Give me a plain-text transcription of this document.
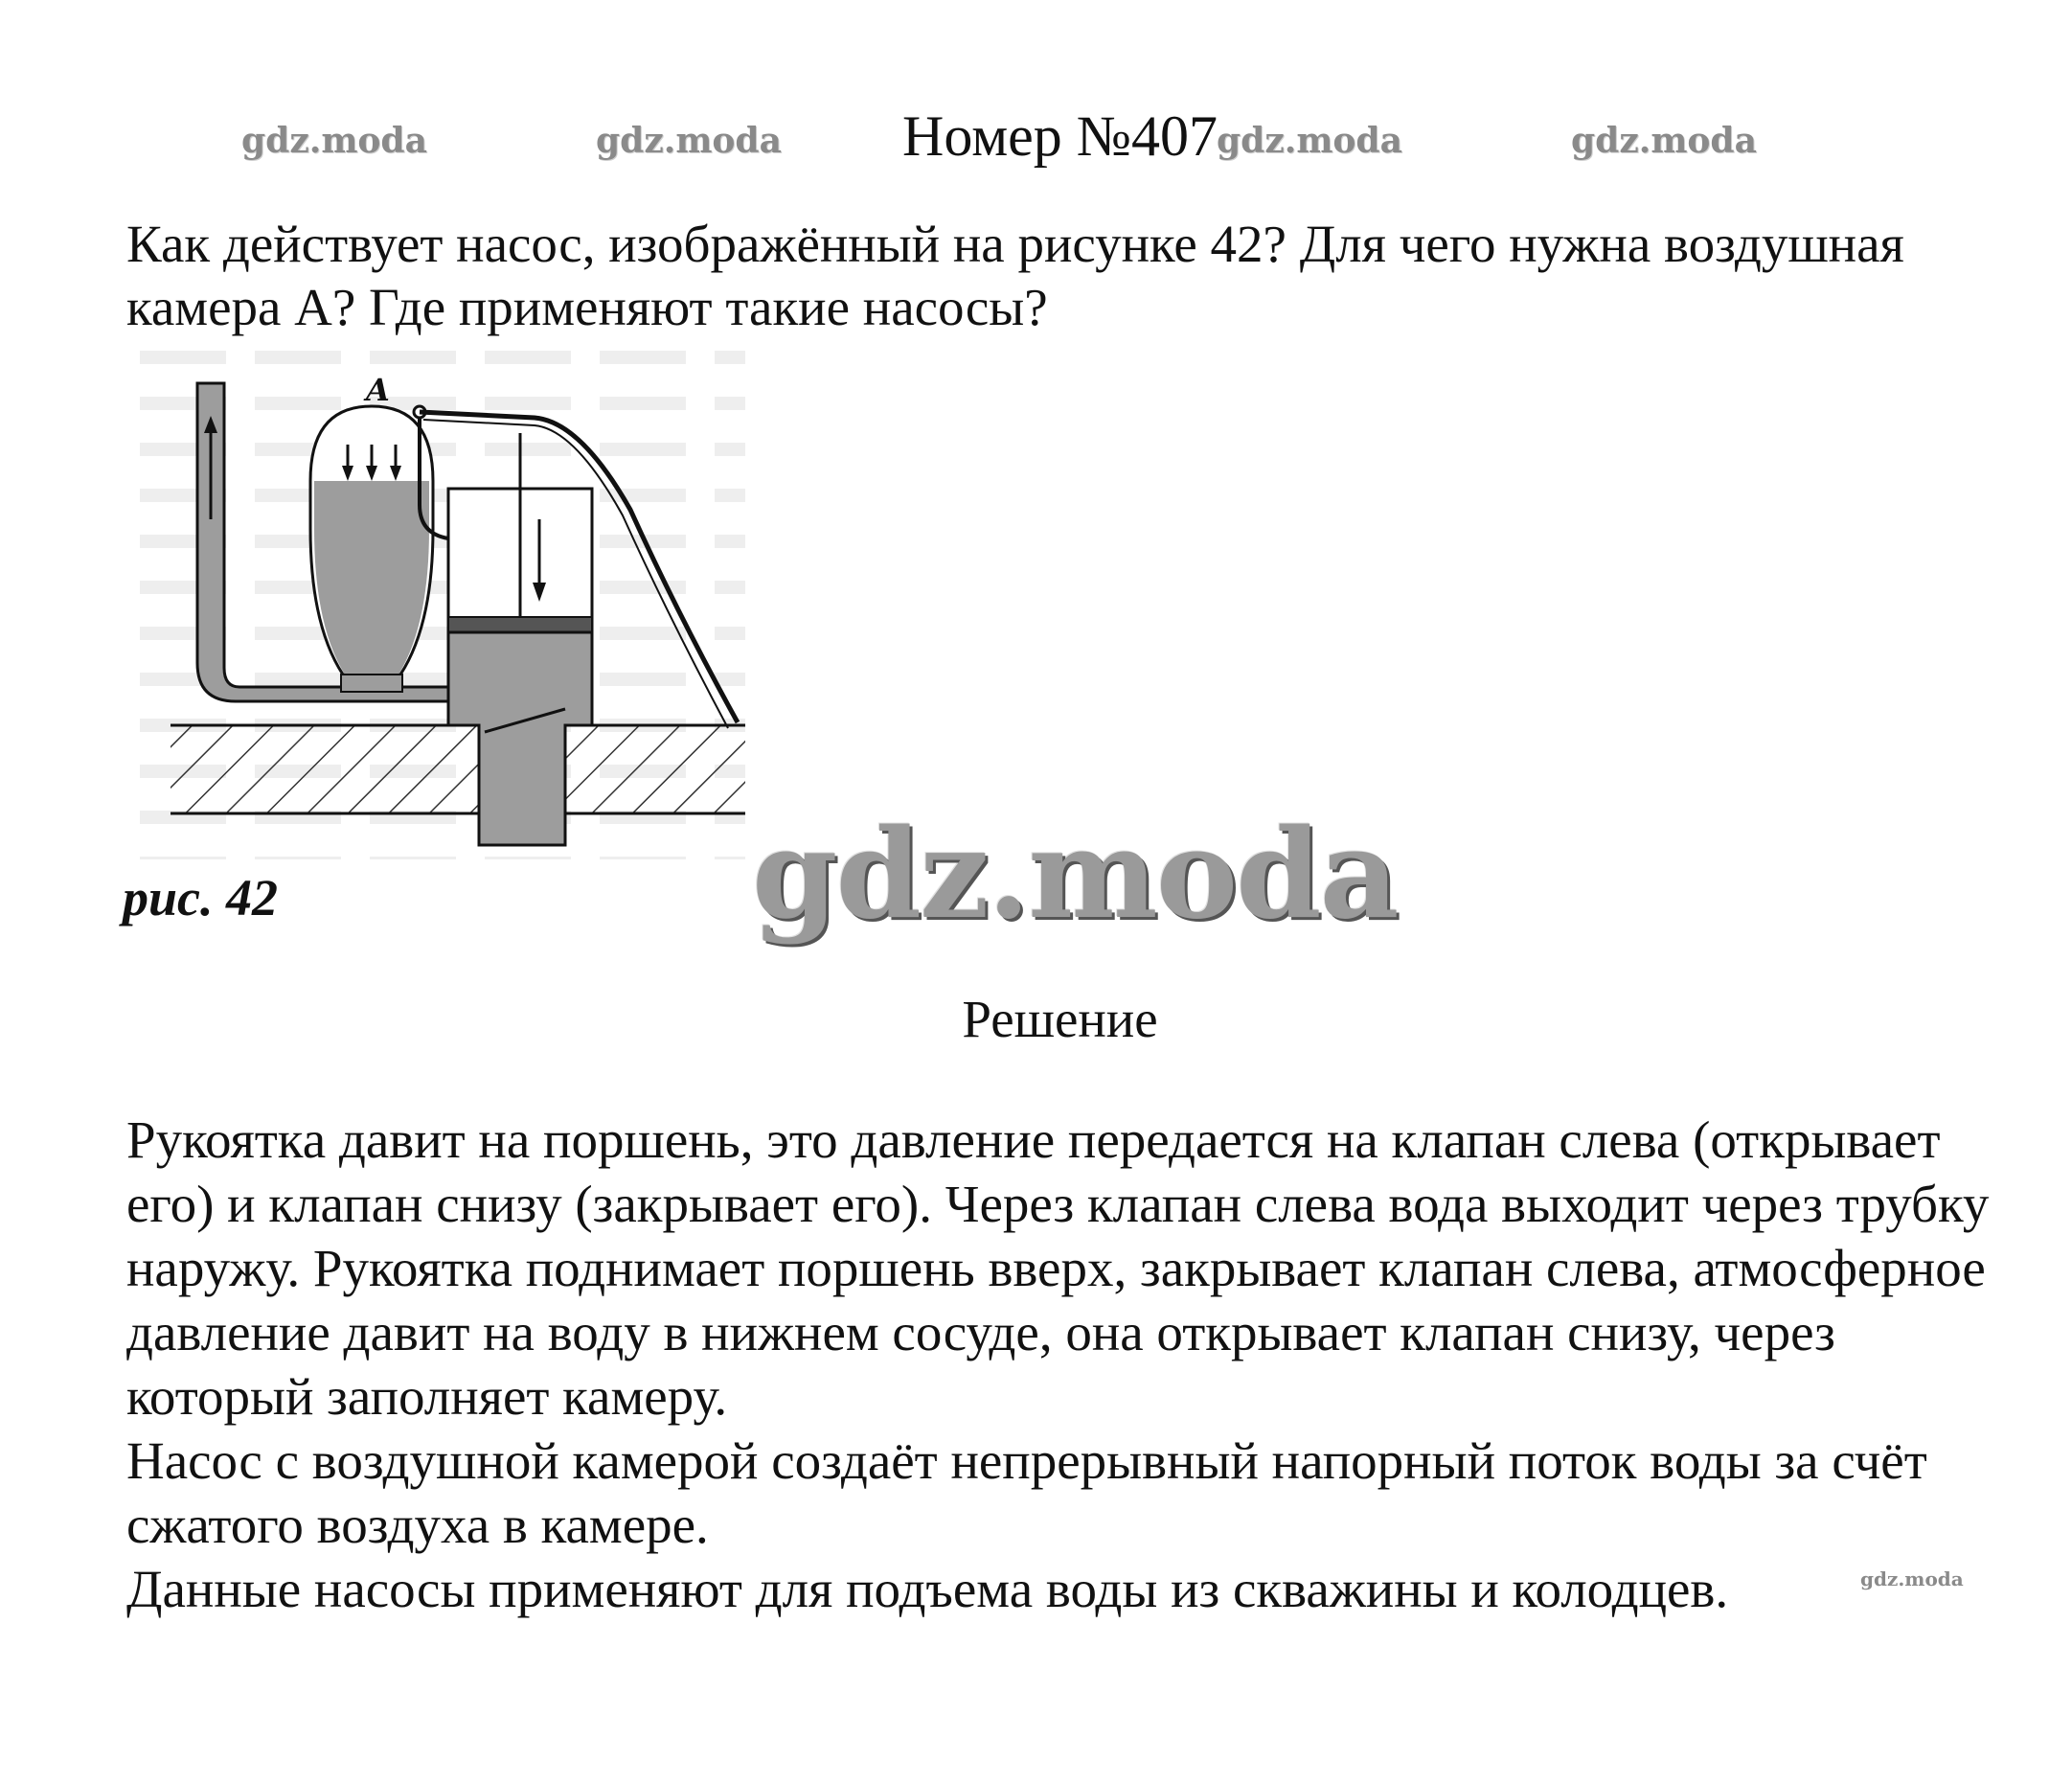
gdz.moda	gdz.moda Номер №407
gdz.moda	gdz.moda
Как действует насос, изображённый на рисунке 42? Для чего нужна воздушная камера А? Где применяют такие насосы?
A
рис. 42	gdz.moda
Решение
Рукоятка давит на поршень, это давление передается на клапан слева (открывает его) и клапан снизу (закрывает его). Через клапан слева вода выходит через трубку наружу. Рукоятка поднимает поршень вверх, закрывает клапан слева, атмосферное давление давит на воду в нижнем сосуде, она открывает клапан снизу, через который заполняет камеру.
Насос с воздушной камерой создаёт непрерывный напорный поток воды за счёт сжатого воздуха в камере.
Данные насосы применяют для подъема воды из скважины и колодцев.	gdz.moda
